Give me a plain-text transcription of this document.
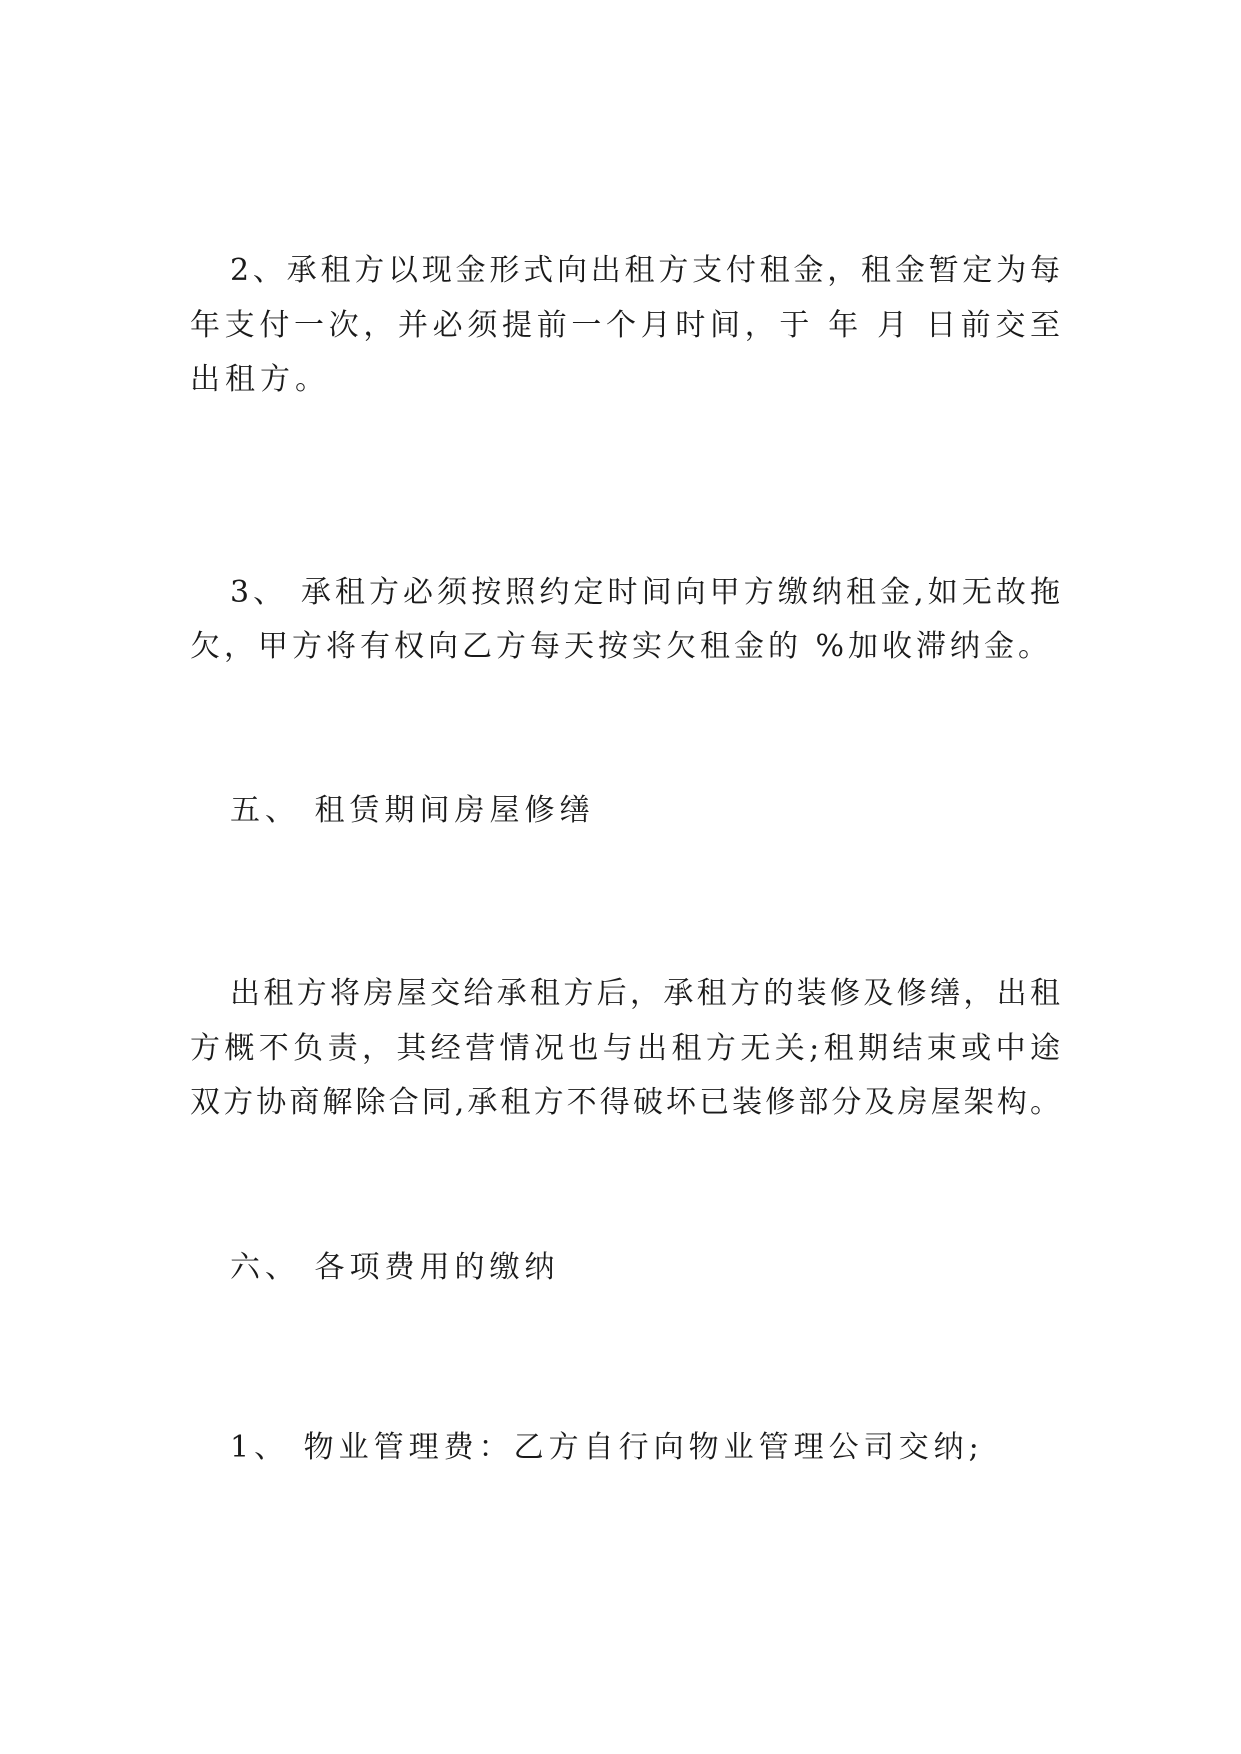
2、承租方以现金形式向出租方支付租金，租金暂定为每
年支付一次，并必须提前一个月时间，于 年 月 日前交至
出租方。
3、 承租方必须按照约定时间向甲方缴纳租金,如无故拖
欠，甲方将有权向乙方每天按实欠租金的 %加收滞纳金。
五、 租赁期间房屋修缮
出租方将房屋交给承租方后，承租方的装修及修缮，出租
方概不负责，其经营情况也与出租方无关;租期结束或中途
双方协商解除合同,承租方不得破坏已装修部分及房屋架构。
六、 各项费用的缴纳
1、 物业管理费：乙方自行向物业管理公司交纳;
